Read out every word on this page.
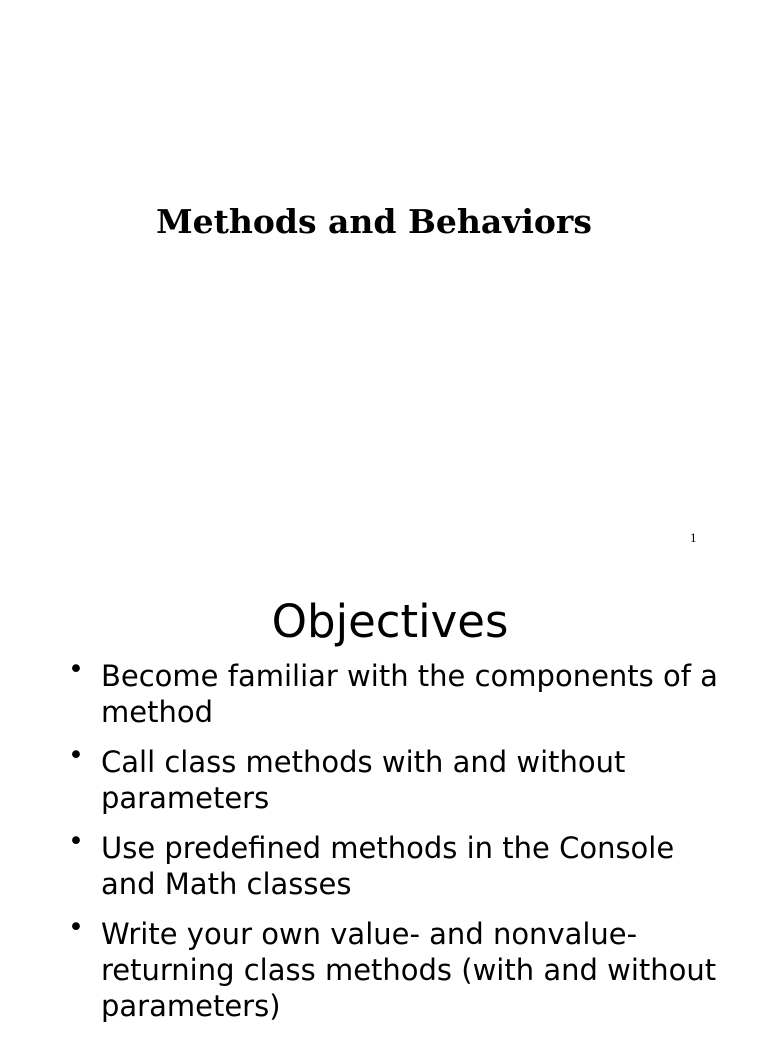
Methods and Behaviors
1
Objectives
• Become familiar with the components of a method
• Call class methods with and without parameters
• Use predefined methods in the Console and Math classes
• Write your own value- and nonvalue-returning class methods (with and without parameters)
